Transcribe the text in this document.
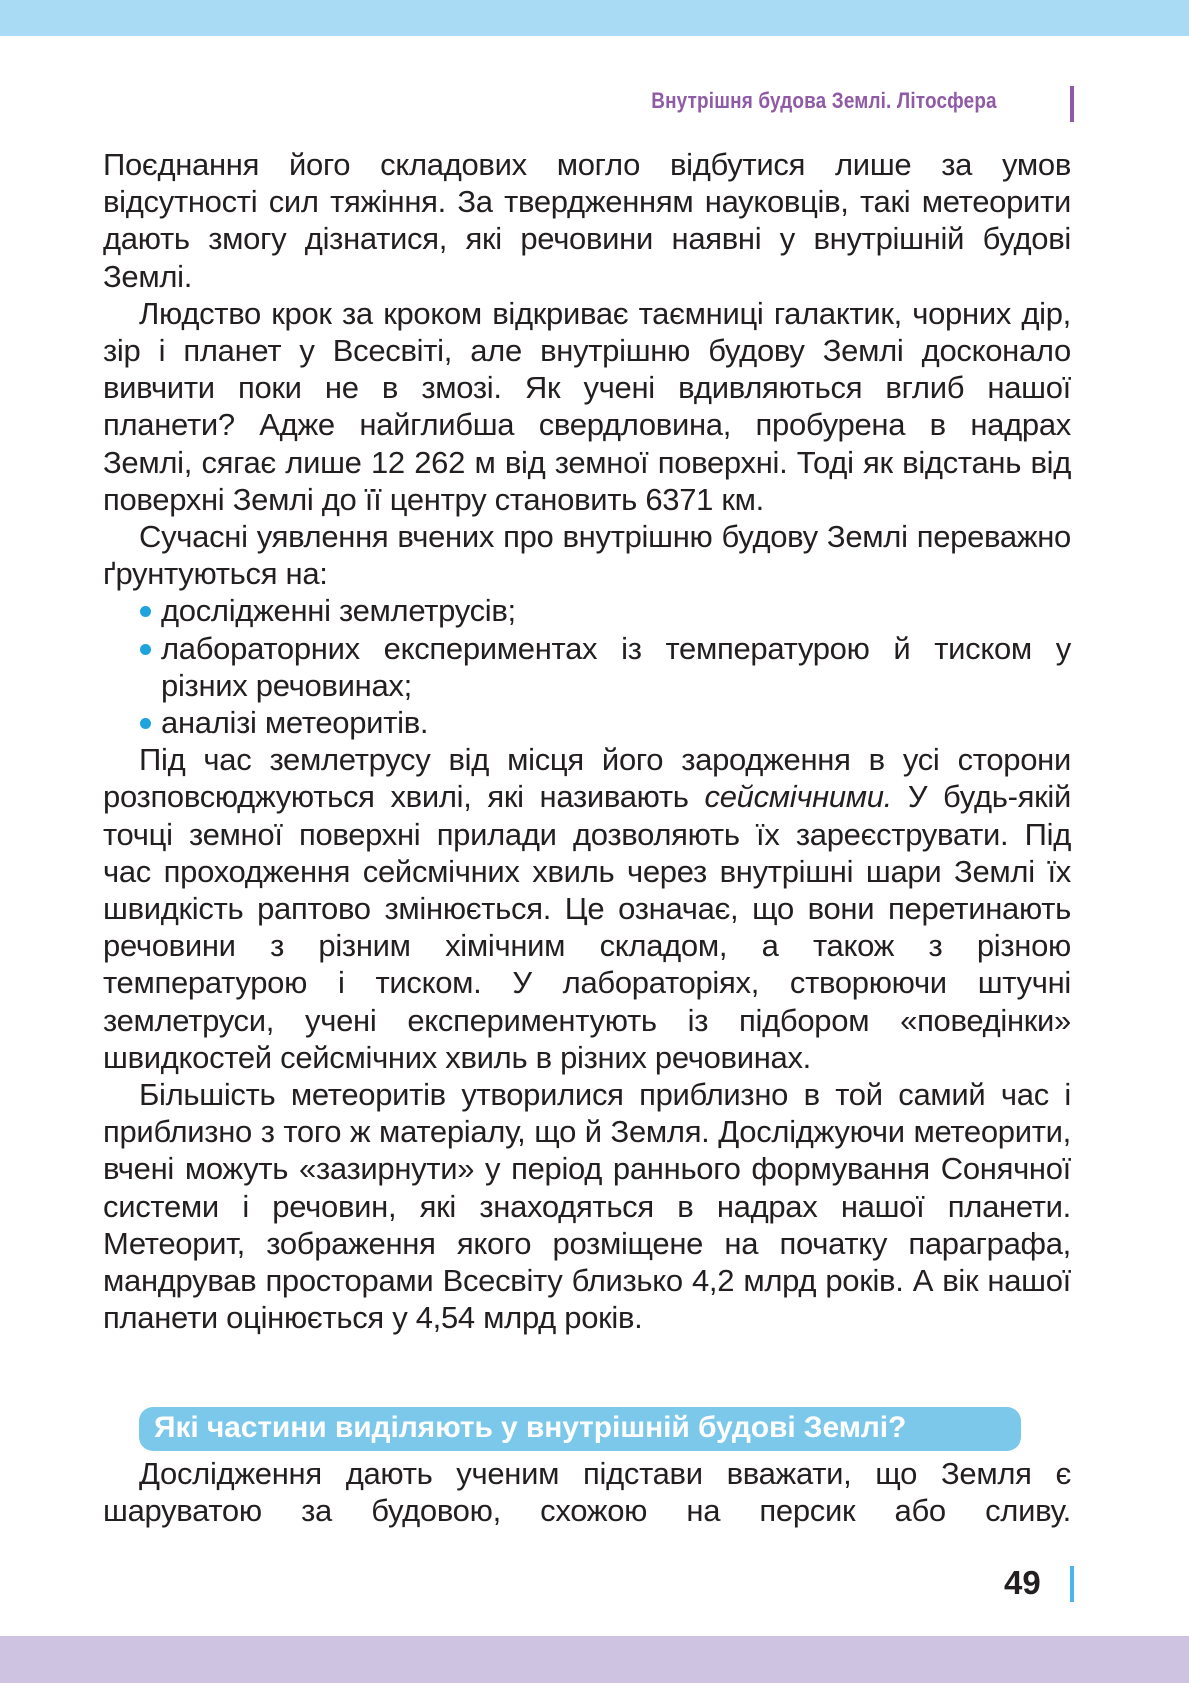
Внутрішня будова Землі. Літосфера

Поєднання його складових могло відбутися лише за умов відсутності сил тяжіння. За твердженням науковців, такі метеорити дають змогу дізнатися, які речовини наявні у внутрішній будові Землі.

Людство крок за кроком відкриває таємниці галактик, чорних дір, зір і планет у Всесвіті, але внутрішню будову Землі досконало вивчити поки не в змозі. Як учені вдивляються вглиб нашої планети? Адже найглибша свердловина, пробурена в надрах Землі, сягає лише 12 262 м від земної поверхні. Тоді як відстань від поверхні Землі до її центру становить 6371 км.

Сучасні уявлення вчених про внутрішню будову Землі переважно ґрунтуються на:

дослідженні землетрусів;
лабораторних експериментах із температурою й тиском у різних речовинах;
аналізі метеоритів.

Під час землетрусу від місця його зародження в усі сторони розповсюджуються хвилі, які називають сейсмічними. У будь-якій точці земної поверхні прилади дозволяють їх зареєструвати. Під час проходження сейсмічних хвиль через внутрішні шари Землі їх швидкість раптово змінюється. Це означає, що вони перетинають речовини з різним хімічним складом, а також з різною температурою і тиском. У лабораторіях, створюючи штучні землетруси, учені експериментують із підбором «поведінки» швидкостей сейсмічних хвиль в різних речовинах.

Більшість метеоритів утворилися приблизно в той самий час і приблизно з того ж матеріалу, що й Земля. Досліджуючи метеорити, вчені можуть «зазирнути» у період раннього формування Сонячної системи і речовин, які знаходяться в надрах нашої планети. Метеорит, зображення якого розміщене на початку параграфа, мандрував просторами Всесвіту близько 4,2 млрд років. А вік нашої планети оцінюється у 4,54 млрд років.

Які частини виділяють у внутрішній будові Землі?

Дослідження дають ученим підстави вважати, що Земля є шаруватою за будовою, схожою на персик або сливу.

49
